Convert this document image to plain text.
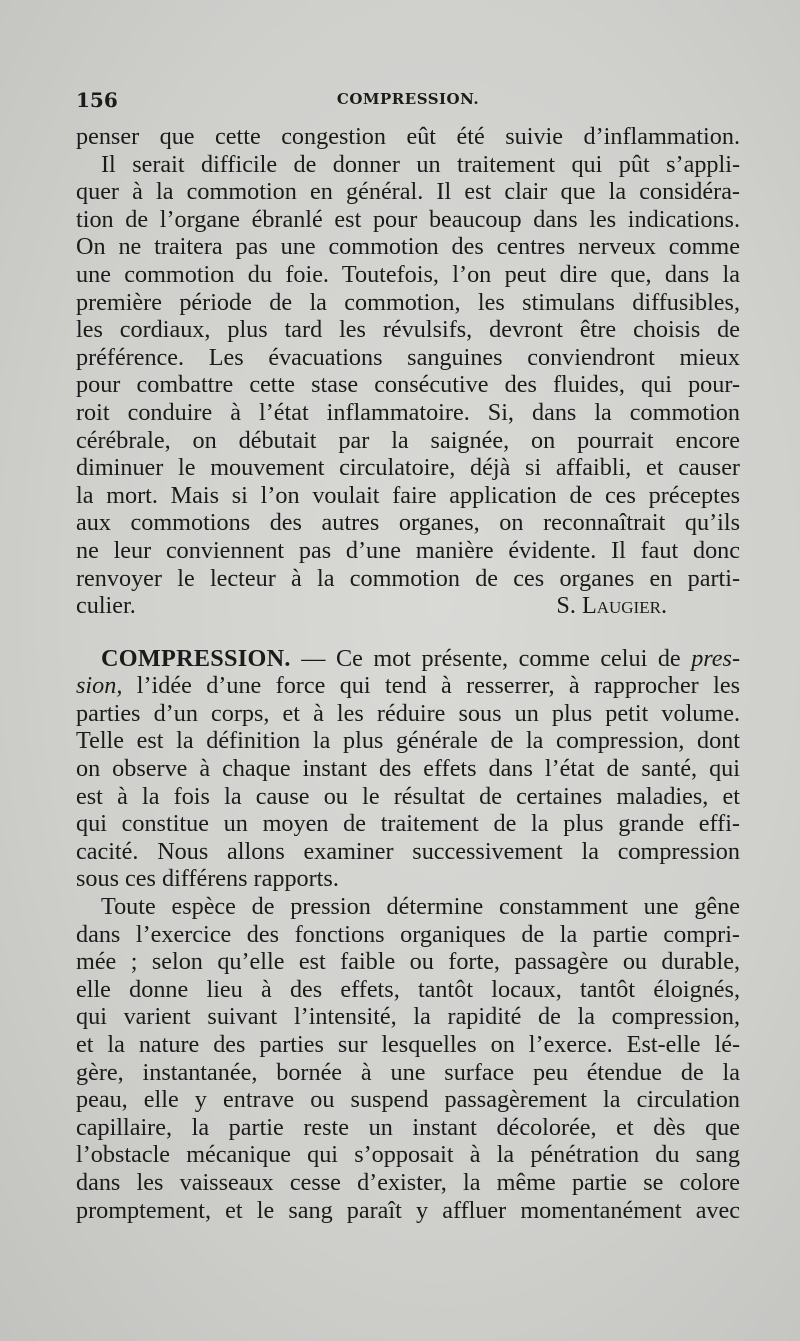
156	COMPRESSION.
penser que cette congestion eût été suivie d’inflammation.
Il serait difficile de donner un traitement qui pût s’appli-
quer à la commotion en général. Il est clair que la considéra-
tion de l’organe ébranlé est pour beaucoup dans les indications.
On ne traitera pas une commotion des centres nerveux comme
une commotion du foie. Toutefois, l’on peut dire que, dans la
première période de la commotion, les stimulans diffusibles,
les cordiaux, plus tard les révulsifs, devront être choisis de
préférence. Les évacuations sanguines conviendront mieux
pour combattre cette stase consécutive des fluides, qui pour-
roit conduire à l’état inflammatoire. Si, dans la commotion
cérébrale, on débutait par la saignée, on pourrait encore
diminuer le mouvement circulatoire, déjà si affaibli, et causer
la mort. Mais si l’on voulait faire application de ces préceptes
aux commotions des autres organes, on reconnaîtrait qu’ils
ne leur conviennent pas d’une manière évidente. Il faut donc
renvoyer le lecteur à la commotion de ces organes en parti-
culier.	S. Laugier.
COMPRESSION. — Ce mot présente, comme celui de pres-
sion, l’idée d’une force qui tend à resserrer, à rapprocher les
parties d’un corps, et à les réduire sous un plus petit volume.
Telle est la définition la plus générale de la compression, dont
on observe à chaque instant des effets dans l’état de santé, qui
est à la fois la cause ou le résultat de certaines maladies, et
qui constitue un moyen de traitement de la plus grande effi-
cacité. Nous allons examiner successivement la compression
sous ces différens rapports.
Toute espèce de pression détermine constamment une gêne
dans l’exercice des fonctions organiques de la partie compri-
mée ; selon qu’elle est faible ou forte, passagère ou durable,
elle donne lieu à des effets, tantôt locaux, tantôt éloignés,
qui varient suivant l’intensité, la rapidité de la compression,
et la nature des parties sur lesquelles on l’exerce. Est-elle lé-
gère, instantanée, bornée à une surface peu étendue de la
peau, elle y entrave ou suspend passagèrement la circulation
capillaire, la partie reste un instant décolorée, et dès que
l’obstacle mécanique qui s’opposait à la pénétration du sang
dans les vaisseaux cesse d’exister, la même partie se colore
promptement, et le sang paraît y affluer momentanément avec
